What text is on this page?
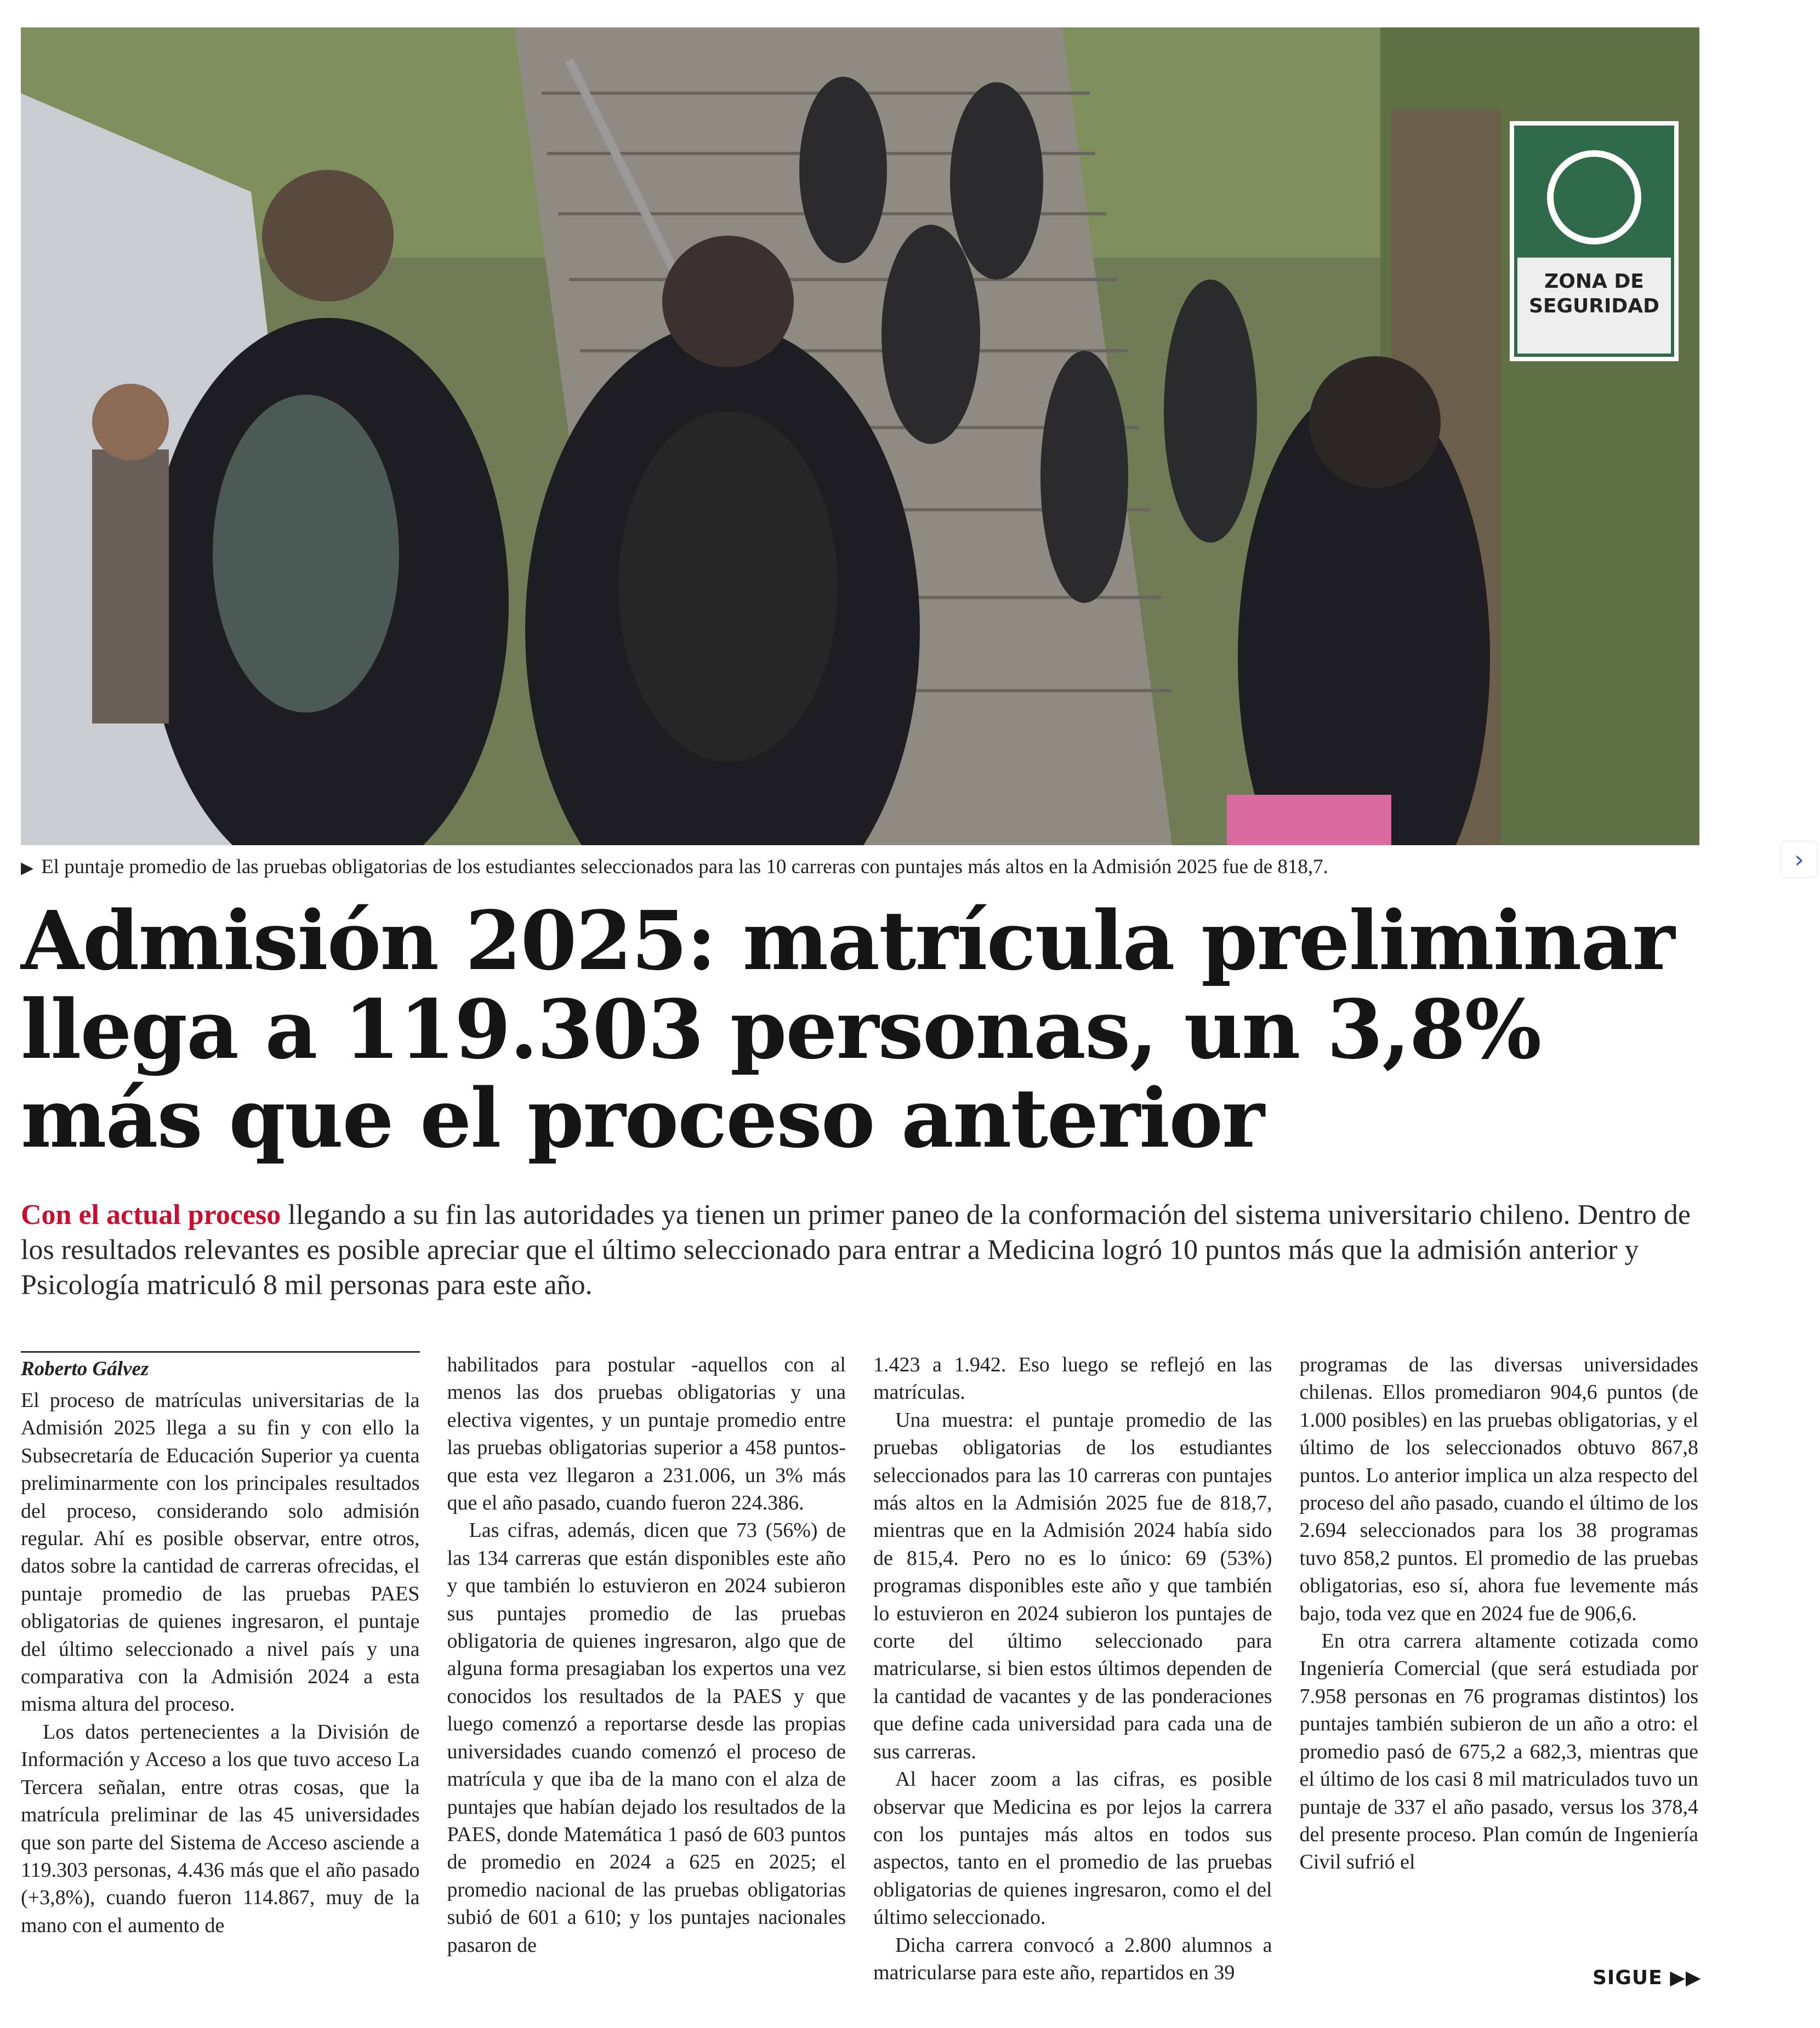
ZONA DE
SEGURIDAD
▶ El puntaje promedio de las pruebas obligatorias de los estudiantes seleccionados para las 10 carreras con puntajes más altos en la Admisión 2025 fue de 818,7.	›
Admisión 2025: matrícula preliminar llega a 119.303 personas, un 3,8% más que el proceso anterior

Con el actual proceso llegando a su fin las autoridades ya tienen un primer paneo de la conformación del sistema universitario chileno. Dentro de los resultados relevantes es posible apreciar que el último seleccionado para entrar a Medicina logró 10 puntos más que la admisión anterior y Psicología matriculó 8 mil personas para este año.

Roberto Gálvez

El proceso de matrículas universitarias de la Admisión 2025 llega a su fin y con ello la Subsecretaría de Educación Superior ya cuenta preliminarmente con los principales resultados del proceso, considerando solo admisión regular. Ahí es posible observar, entre otros, datos sobre la cantidad de carreras ofrecidas, el puntaje promedio de las pruebas PAES obligatorias de quienes ingresaron, el puntaje del último seleccionado a nivel país y una comparativa con la Admisión 2024 a esta misma altura del proceso.

Los datos pertenecientes a la División de Información y Acceso a los que tuvo acceso La Tercera señalan, entre otras cosas, que la matrícula preliminar de las 45 universidades que son parte del Sistema de Acceso asciende a 119.303 personas, 4.436 más que el año pasado (+3,8%), cuando fueron 114.867, muy de la mano con el aumento de

habilitados para postular -aquellos con al menos las dos pruebas obligatorias y una electiva vigentes, y un puntaje promedio entre las pruebas obligatorias superior a 458 puntos- que esta vez llegaron a 231.006, un 3% más que el año pasado, cuando fueron 224.386.

Las cifras, además, dicen que 73 (56%) de las 134 carreras que están disponibles este año y que también lo estuvieron en 2024 subieron sus puntajes promedio de las pruebas obligatoria de quienes ingresaron, algo que de alguna forma presagiaban los expertos una vez conocidos los resultados de la PAES y que luego comenzó a reportarse desde las propias universidades cuando comenzó el proceso de matrícula y que iba de la mano con el alza de puntajes que habían dejado los resultados de la PAES, donde Matemática 1 pasó de 603 puntos de promedio en 2024 a 625 en 2025; el promedio nacional de las pruebas obligatorias subió de 601 a 610; y los puntajes nacionales pasaron de

1.423 a 1.942. Eso luego se reflejó en las matrículas.

Una muestra: el puntaje promedio de las pruebas obligatorias de los estudiantes seleccionados para las 10 carreras con puntajes más altos en la Admisión 2025 fue de 818,7, mientras que en la Admisión 2024 había sido de 815,4. Pero no es lo único: 69 (53%) programas disponibles este año y que también lo estuvieron en 2024 subieron los puntajes de corte del último seleccionado para matricularse, si bien estos últimos dependen de la cantidad de vacantes y de las ponderaciones que define cada universidad para cada una de sus carreras.

Al hacer zoom a las cifras, es posible observar que Medicina es por lejos la carrera con los puntajes más altos en todos sus aspectos, tanto en el promedio de las pruebas obligatorias de quienes ingresaron, como el del último seleccionado.

Dicha carrera convocó a 2.800 alumnos a matricularse para este año, repartidos en 39

programas de las diversas universidades chilenas. Ellos promediaron 904,6 puntos (de 1.000 posibles) en las pruebas obligatorias, y el último de los seleccionados obtuvo 867,8 puntos. Lo anterior implica un alza respecto del proceso del año pasado, cuando el último de los 2.694 seleccionados para los 38 programas tuvo 858,2 puntos. El promedio de las pruebas obligatorias, eso sí, ahora fue levemente más bajo, toda vez que en 2024 fue de 906,6.

En otra carrera altamente cotizada como Ingeniería Comercial (que será estudiada por 7.958 personas en 76 programas distintos) los puntajes también subieron de un año a otro: el promedio pasó de 675,2 a 682,3, mientras que el último de los casi 8 mil matriculados tuvo un puntaje de 337 el año pasado, versus los 378,4 del presente proceso. Plan común de Ingeniería Civil sufrió el

SIGUE ▶▶
